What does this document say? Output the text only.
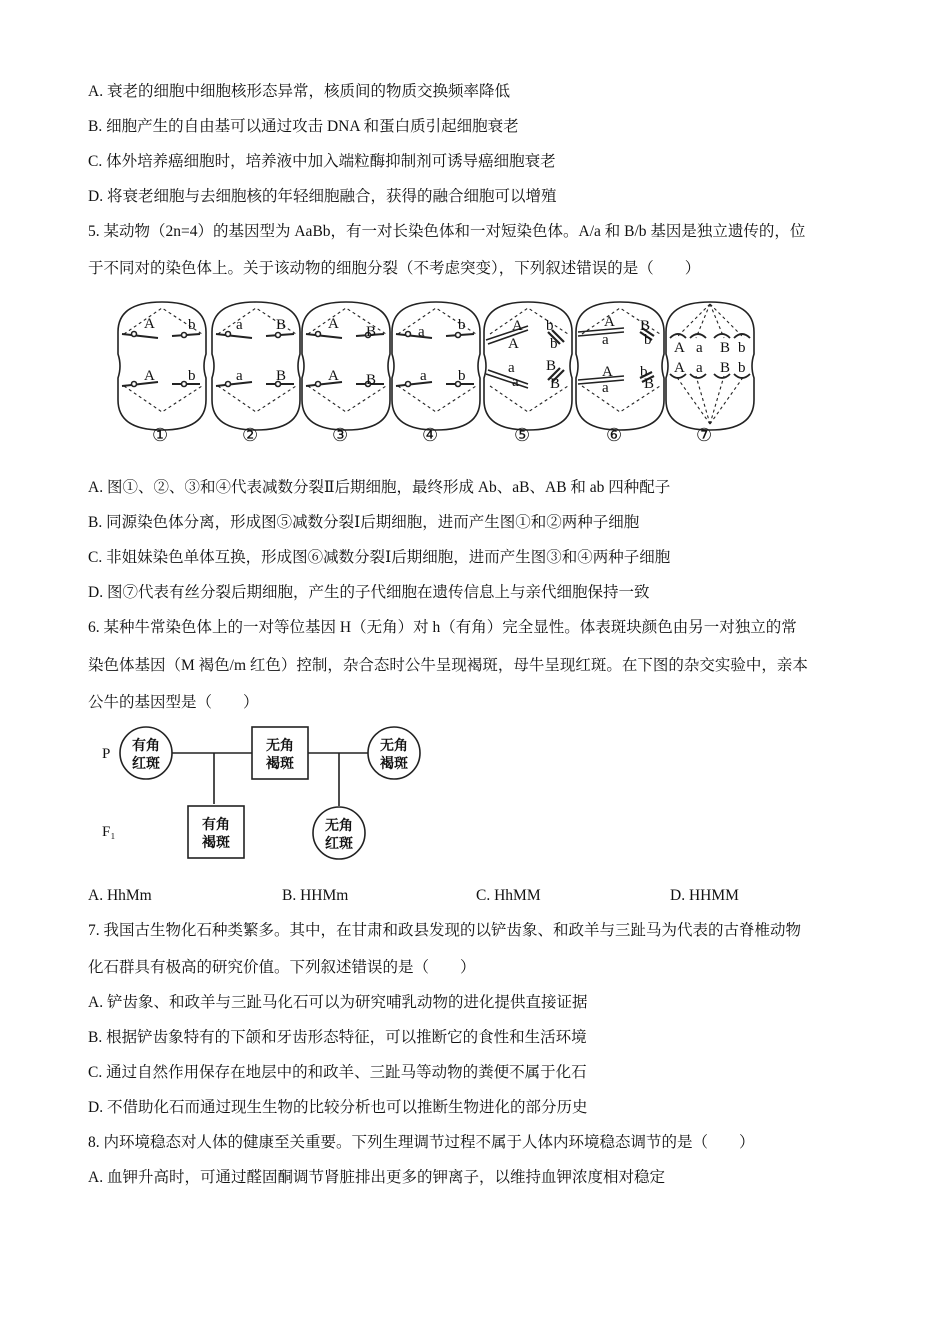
A. 衰老的细胞中细胞核形态异常，核质间的物质交换频率降低
B. 细胞产生的自由基可以通过攻击 DNA 和蛋白质引起细胞衰老
C. 体外培养癌细胞时，培养液中加入端粒酶抑制剂可诱导癌细胞衰老
D. 将衰老细胞与去细胞核的年轻细胞融合，获得的融合细胞可以增殖
5. 某动物（2n=4）的基因型为 AaBb，有一对长染色体和一对短染色体。A/a 和 B/b 基因是独立遗传的，位
于不同对的染色体上。关于该动物的细胞分裂（不考虑突变），下列叙述错误的是（　　）
A b
A b
a B
a B
A B
A B
a b
a b
A
A
b
b
a
a
B
B
A
a
B
b
A
a
b
B
A a B b
A a B b
①	②	③	④	⑤	⑥	⑦
A. 图①、②、③和④代表减数分裂Ⅱ后期细胞，最终形成 Ab、aB、AB 和 ab 四种配子
B. 同源染色体分离，形成图⑤减数分裂Ⅰ后期细胞，进而产生图①和②两种子细胞
C. 非姐妹染色单体互换，形成图⑥减数分裂Ⅰ后期细胞，进而产生图③和④两种子细胞
D. 图⑦代表有丝分裂后期细胞，产生的子代细胞在遗传信息上与亲代细胞保持一致
6. 某种牛常染色体上的一对等位基因 H（无角）对 h（有角）完全显性。体表斑块颜色由另一对独立的常
染色体基因（M 褐色/m 红色）控制，杂合态时公牛呈现褐斑，母牛呈现红斑。在下图的杂交实验中，亲本
公牛的基因型是（　　）
有角
红斑
无角
褐斑
无角
褐斑
有角
褐斑
无角
红斑
P
F₁
A. HhMm	B. HHMm	C. HhMM	D. HHMM
7. 我国古生物化石种类繁多。其中，在甘肃和政县发现的以铲齿象、和政羊与三趾马为代表的古脊椎动物
化石群具有极高的研究价值。下列叙述错误的是（　　）
A. 铲齿象、和政羊与三趾马化石可以为研究哺乳动物的进化提供直接证据
B. 根据铲齿象特有的下颌和牙齿形态特征，可以推断它的食性和生活环境
C. 通过自然作用保存在地层中的和政羊、三趾马等动物的粪便不属于化石
D. 不借助化石而通过现生生物的比较分析也可以推断生物进化的部分历史
8. 内环境稳态对人体的健康至关重要。下列生理调节过程不属于人体内环境稳态调节的是（　　）
A. 血钾升高时，可通过醛固酮调节肾脏排出更多的钾离子，以维持血钾浓度相对稳定
